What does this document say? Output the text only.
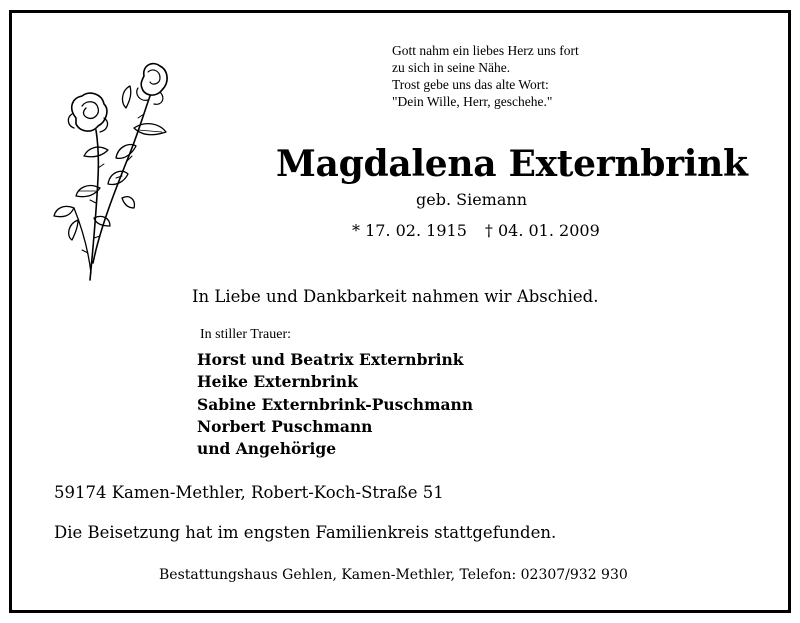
Gott nahm ein liebes Herz uns fort
zu sich in seine Nähe.
Trost gebe uns das alte Wort:
"Dein Wille, Herr, geschehe."
Magdalena Externbrink
geb. Siemann
* 17. 02. 1915 † 04. 01. 2009
In Liebe und Dankbarkeit nahmen wir Abschied.
In stiller Trauer:
Horst und Beatrix Externbrink
Heike Externbrink
Sabine Externbrink-Puschmann
Norbert Puschmann
und Angehörige
59174 Kamen-Methler, Robert-Koch-Straße 51
Die Beisetzung hat im engsten Familienkreis stattgefunden.
Bestattungshaus Gehlen, Kamen-Methler, Telefon: 02307/932 930
